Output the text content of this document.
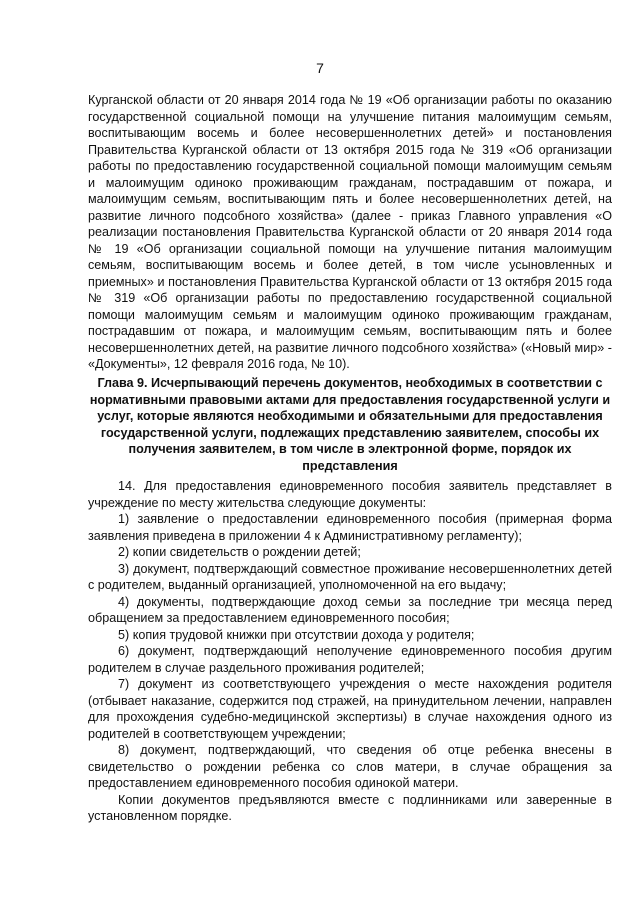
7

Курганской области от 20 января 2014 года № 19 «Об организации работы по оказанию государственной социальной помощи на улучшение питания малоимущим семьям, воспитывающим восемь и более несовершеннолетних детей» и постановления Правительства Курганской области от 13 октября 2015 года № 319 «Об организации работы по предоставлению государственной социальной помощи малоимущим семьям и малоимущим одиноко проживающим гражданам, пострадавшим от пожара, и малоимущим семьям, воспитывающим пять и более несовершеннолетних детей, на развитие личного подсобного хозяйства» (далее - приказ Главного управления «О реализации постановления Правительства Курганской области от 20 января 2014 года № 19 «Об организации социальной помощи на улучшение питания малоимущим семьям, воспитывающим восемь и более детей, в том числе усыновленных и приемных» и постановления Правительства Курганской области от 13 октября 2015 года № 319 «Об организации работы по предоставлению государственной социальной помощи малоимущим семьям и малоимущим одиноко проживающим гражданам, пострадавшим от пожара, и малоимущим семьям, воспитывающим пять и более несовершеннолетних детей, на развитие личного подсобного хозяйства» («Новый мир» - «Документы», 12 февраля 2016 года, № 10).

Глава 9. Исчерпывающий перечень документов, необходимых в соответствии с нормативными правовыми актами для предоставления государственной услуги и услуг, которые являются необходимыми и обязательными для предоставления государственной услуги, подлежащих представлению заявителем, способы их получения заявителем, в том числе в электронной форме, порядок их представления

14. Для предоставления единовременного пособия заявитель представляет в учреждение по месту жительства следующие документы:

1) заявление о предоставлении единовременного пособия (примерная форма заявления приведена в приложении 4 к Административному регламенту);

2) копии свидетельств о рождении детей;

3) документ, подтверждающий совместное проживание несовершеннолетних детей с родителем, выданный организацией, уполномоченной на его выдачу;

4) документы, подтверждающие доход семьи за последние три месяца перед обращением за предоставлением единовременного пособия;

5) копия трудовой книжки при отсутствии дохода у родителя;

6) документ, подтверждающий неполучение единовременного пособия другим родителем в случае раздельного проживания родителей;

7) документ из соответствующего учреждения о месте нахождения родителя (отбывает наказание, содержится под стражей, на принудительном лечении, направлен для прохождения судебно-медицинской экспертизы) в случае нахождения одного из родителей в соответствующем учреждении;

8) документ, подтверждающий, что сведения об отце ребенка внесены в свидетельство о рождении ребенка со слов матери, в случае обращения за предоставлением единовременного пособия одинокой матери.

Копии документов предъявляются вместе с подлинниками или заверенные в установленном порядке.
